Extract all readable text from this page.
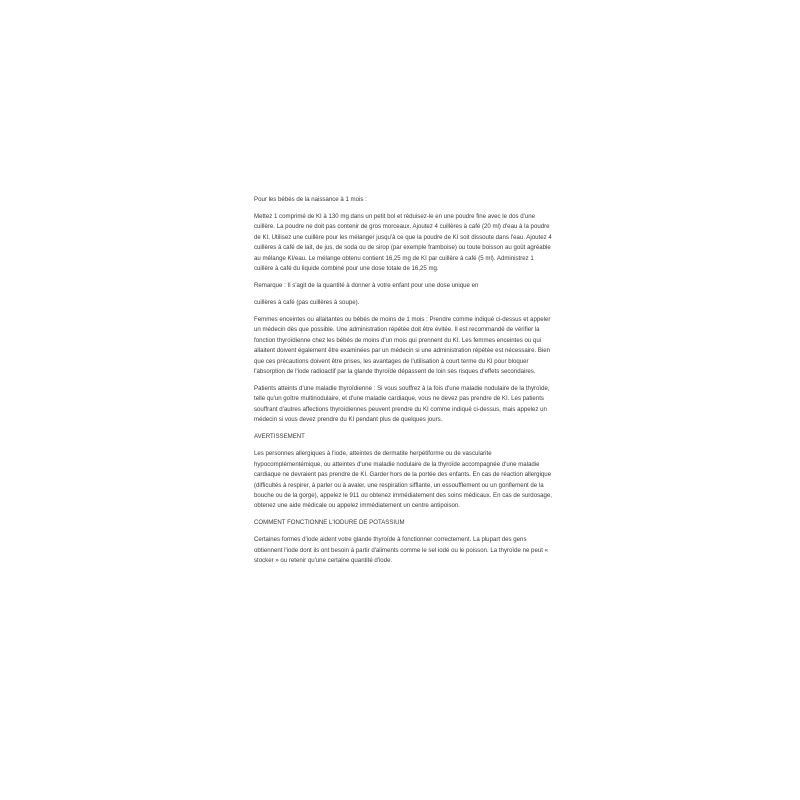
Pour les bébés de la naissance à 1 mois :

Mettez 1 comprimé de KI à 130 mg dans un petit bol et réduisez-le en une poudre fine avec le dos d'une cuillère. La poudre ne doit pas contenir de gros morceaux. Ajoutez 4 cuillères à café (20 ml) d'eau à la poudre de KI. Utilisez une cuillère pour les mélanger jusqu'à ce que la poudre de KI soit dissoute dans l'eau. Ajoutez 4 cuillères à café de lait, de jus, de soda ou de sirop (par exemple framboise) ou toute boisson au goût agréable au mélange KI/eau. Le mélange obtenu contient 16,25 mg de KI par cuillère à café (5 ml). Administrez 1 cuillère à café du liquide combiné pour une dose totale de 16,25 mg.

Remarque : Il s'agit de la quantité à donner à votre enfant pour une dose unique en

cuillères à café (pas cuillères à soupe).

Femmes enceintes ou allaitantes ou bébés de moins de 1 mois : Prendre comme indiqué ci-dessus et appeler un médecin dès que possible. Une administration répétée doit être évitée. Il est recommandé de vérifier la fonction thyroïdienne chez les bébés de moins d'un mois qui prennent du KI. Les femmes enceintes ou qui allaitent doivent également être examinées par un médecin si une administration répétée est nécessaire. Bien que ces précautions doivent être prises, les avantages de l'utilisation à court terme du KI pour bloquer l'absorption de l'iode radioactif par la glande thyroïde dépassent de loin ses risques d'effets secondaires.

Patients atteints d'une maladie thyroïdienne : Si vous souffrez à la fois d'une maladie nodulaire de la thyroïde, telle qu'un goître multinodulaire, et d'une maladie cardiaque, vous ne devez pas prendre de KI. Les patients souffrant d'autres affections thyroïdiennes peuvent prendre du KI comme indiqué ci-dessus, mais appelez un médecin si vous devez prendre du KI pendant plus de quelques jours.

AVERTISSEMENT

Les personnes allergiques à l'iode, atteintes de dermatite herpétiforme ou de vascularite hypocomplémentémique, ou atteintes d'une maladie nodulaire de la thyroïde accompagnée d'une maladie cardiaque ne devraient pas prendre de KI. Garder hors de la portée des enfants. En cas de réaction allergique (difficultés à respirer, à parler ou à avaler, une respiration sifflante, un essoufflement ou un gonflement de la bouche ou de la gorge), appelez le 911 ou obtenez immédiatement des soins médicaux. En cas de surdosage, obtenez une aide médicale ou appelez immédiatement un centre antipoison.

COMMENT FONCTIONNE L'IODURE DE POTASSIUM

Certaines formes d'iode aident votre glande thyroïde à fonctionner correctement. La plupart des gens obtiennent l'iode dont ils ont besoin à partir d'aliments comme le sel iodé ou le poisson. La thyroïde ne peut « stocker » ou retenir qu'une certaine quantité d'iode.
